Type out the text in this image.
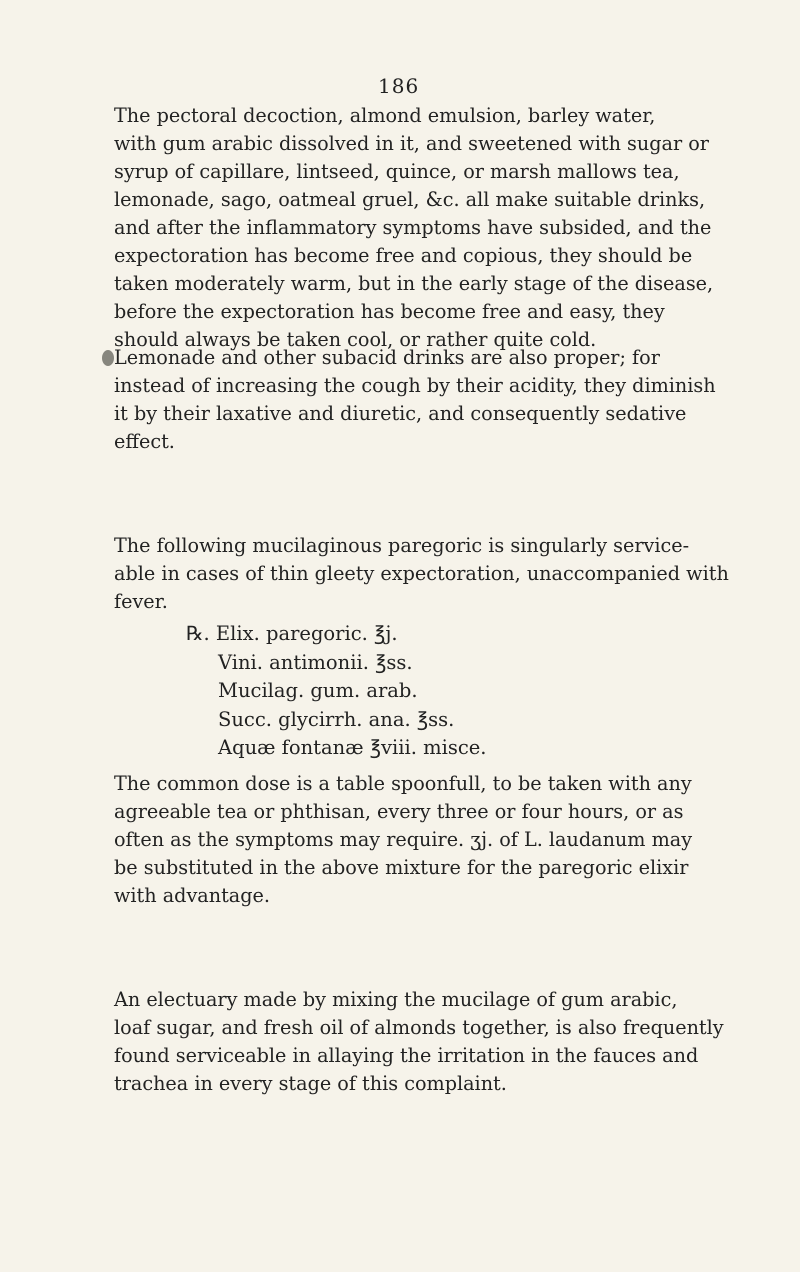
186

The pectoral decoction, almond emulsion, barley water,
with gum arabic dissolved in it, and sweetened with sugar or
syrup of capillare, lintseed, quince, or marsh mallows tea,
lemonade, sago, oatmeal gruel, &c. all make suitable drinks,
and after the inflammatory symptoms have subsided, and the
expectoration has become free and copious, they should be
taken moderately warm, but in the early stage of the disease,
before the expectoration has become free and easy, they
should always be taken cool, or rather quite cold.

Lemonade and other subacid drinks are also proper; for
instead of increasing the cough by their acidity, they diminish
it by their laxative and diuretic, and consequently sedative
effect.

The following mucilaginous paregoric is singularly service-
able in cases of thin gleety expectoration, unaccompanied with
fever.

℞. Elix. paregoric. ℥j.
Vini. antimonii. ℥ss.
Mucilag. gum. arab.
Succ. glycirrh. ana. ℥ss.
Aquæ fontanæ ℥viii. misce.

The common dose is a table spoonfull, to be taken with any
agreeable tea or phthisan, every three or four hours, or as
often as the symptoms may require. ʒj. of L. laudanum may
be substituted in the above mixture for the paregoric elixir
with advantage.

An electuary made by mixing the mucilage of gum arabic,
loaf sugar, and fresh oil of almonds together, is also frequently
found serviceable in allaying the irritation in the fauces and
trachea in every stage of this complaint.
